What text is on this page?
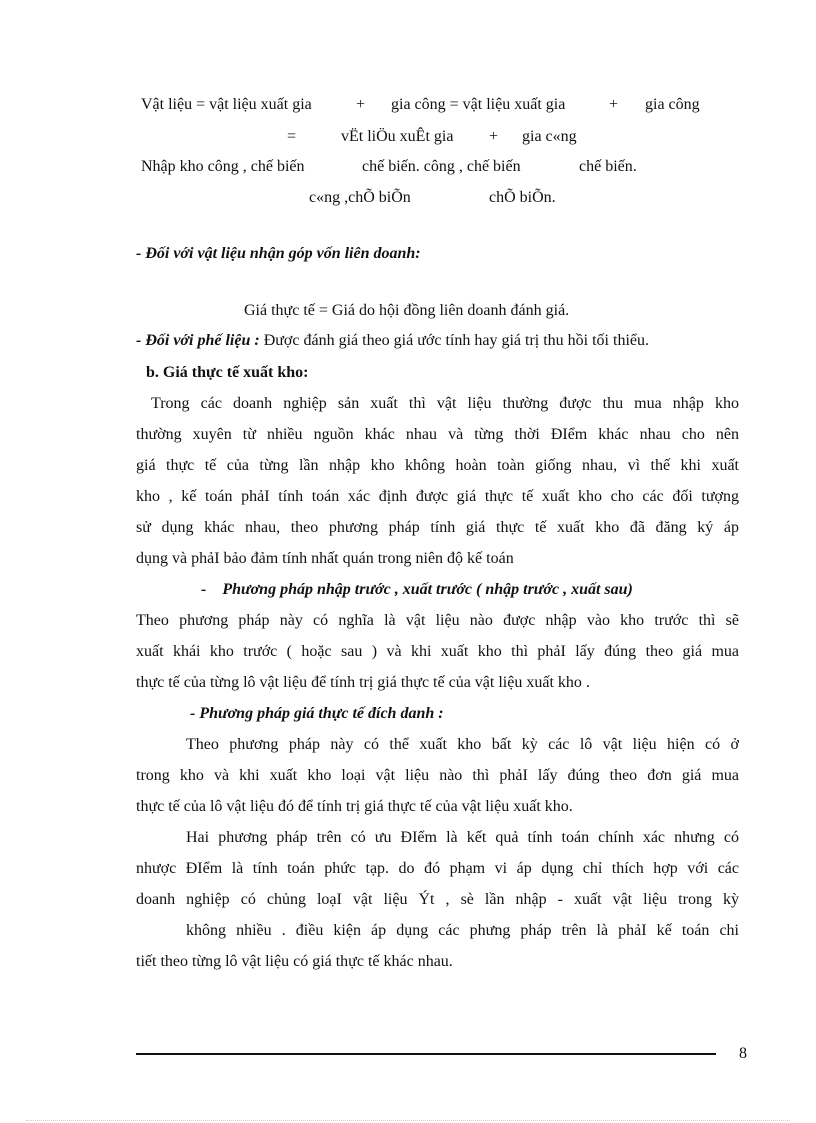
Vật liệu = vật liệu xuất gia	+ gia công = vật liệu xuất gia	+ gia công
=	vËt liÖu xuÊt gia + gia c«ng
Nhập kho công , chế biến	chế biến. công , chế biến	chế biến.
c«ng ,chÕ biÕn	chÕ biÕn.
- Đối với vật liệu nhận góp vốn liên doanh:
Giá thực tế = Giá do hội đồng liên doanh đánh giá.
- Đối với phế liệu : Được đánh giá theo giá ước tính hay giá trị thu hồi tối thiểu.
b. Giá thực tế xuất kho:
Trong các doanh nghiệp sản xuất thì vật liệu thường được thu mua nhập kho
thường xuyên từ nhiều nguồn khác nhau và từng thời ĐIểm khác nhau cho nên
giá thực tế của từng lần nhập kho không hoàn toàn giống nhau, vì thế khi xuất
kho , kế toán phảI tính toán xác định được giá thực tế xuất kho cho các đối tượng
sử dụng khác nhau, theo phương pháp tính giá thực tế xuất kho đã đăng ký áp
dụng và phảI bảo đảm tính nhất quán trong niên độ kế toán
-    Phương pháp nhập trước , xuất trước ( nhập trước , xuất sau)
Theo phương pháp này có nghĩa là vật liệu nào được nhập vào kho trước thì sẽ
xuất khái kho trước ( hoặc sau ) và khi xuất kho thì phảI lấy đúng theo giá mua
thực tế của từng lô vật liệu để tính trị giá thực tế của vật liệu xuất kho .
- Phương pháp giá thực tế đích danh :
Theo phương pháp này có thể xuất kho bất kỳ các lô vật liệu hiện có ở
trong kho và khi xuất kho loại vật liệu nào thì phảI lấy đúng theo đơn giá mua
thực tế của lô vật liệu đó để tính trị giá thực tế của vật liệu xuất kho.
Hai phương pháp trên có ưu ĐIểm là kết quả tính toán chính xác nhưng có
nhược ĐIểm là tính toán phức tạp. do đó phạm vi áp dụng chỉ thích hợp với các
doanh nghiệp có chủng loạI vật liệu Ýt , sè lần nhập - xuất vật liệu trong kỳ
không nhiều . điều kiện áp dụng các phưng pháp trên là phảI kế toán chi
tiết theo từng lô vật liệu có giá thực tế khác nhau.
8
